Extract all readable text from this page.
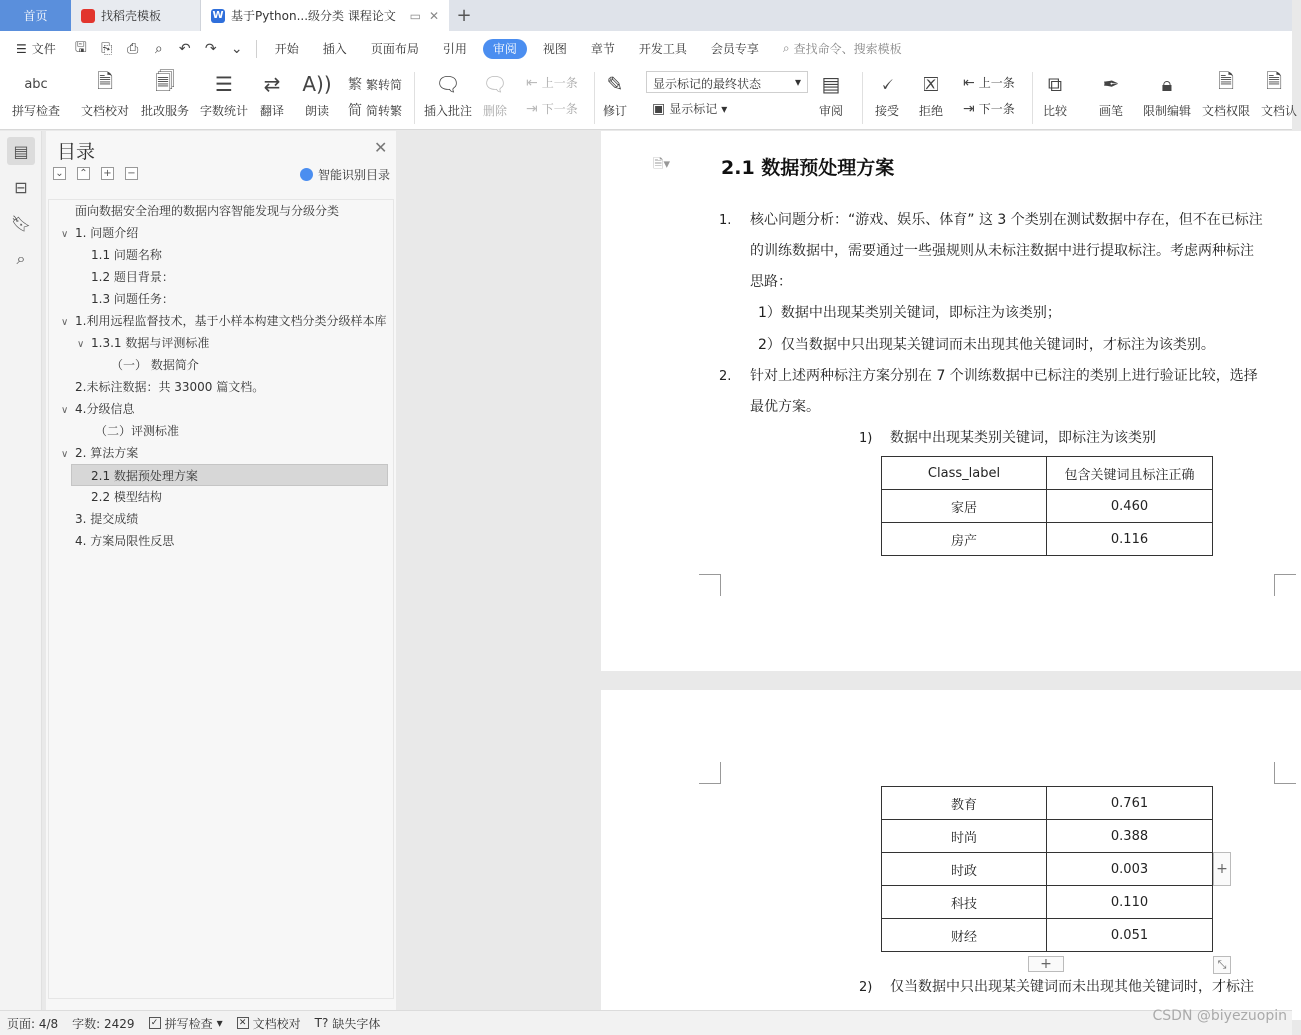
首页	找稻壳模板	W 基于Python...级分类 课程论文 ▭ ✕ +
☰ 文件	🖫	⎘	⎙	⌕	↶	↷	⌄	开始	插入	页面布局	引用	审阅	视图	章节	开发工具	会员专享	⌕ 查找命令、搜索模板
abc
拼写检查
🗎
文档校对
🗐
批改服务
☰
字数统计
⇄
翻译
A))
朗读
繁 繁转简
简 简转繁
🗨
插入批注
🗨
删除
⇤ 上一条
⇥ 下一条
✎
修订
显示标记的最终状态	▾
▣ 显示标记 ▾
▤
审阅
🗸
接受
🗵
拒绝
⇤ 上一条
⇥ 下一条
⧉
比较
✒
画笔
🔒︎
限制编辑
🗎
文档权限
🗎
文档认
▤
⊟
🔖︎
⌕
目录	✕
⌄ ⌃ + −	智能识别目录
面向数据安全治理的数据内容智能发现与分级分类
∨ 1. 问题介绍
1.1 问题名称
1.2 题目背景：
1.3 问题任务：
∨ 1.利用远程监督技术，基于小样本构建文档分类分级样本库
∨ 1.3.1 数据与评测标准
（一） 数据简介
2.未标注数据：共 33000 篇文档。
∨ 4.分级信息
（二）评测标准
∨ 2. 算法方案
2.1 数据预处理方案
2.2 模型结构
3. 提交成绩
4. 方案局限性反思
🗎▾	2.1 数据预处理方案
1. 核心问题分析：“游戏、娱乐、体育” 这 3 个类别在测试数据中存在，但不在已标注
的训练数据中，需要通过一些强规则从未标注数据中进行提取标注。考虑两种标注
思路：
1）数据中出现某类别关键词，即标注为该类别；
2）仅当数据中只出现某关键词而未出现其他关键词时，才标注为该类别。
2. 针对上述两种标注方案分别在 7 个训练数据中已标注的类别上进行验证比较，选择
最优方案。
1) 数据中出现某类别关键词，即标注为该类别
Class_label	包含关键词且标注正确
家居	0.460
房产	0.116
教育	0.761
时尚	0.388
时政	0.003
科技	0.110
财经	0.051
+
+	⤡
2) 仅当数据中只出现某关键词而未出现其他关键词时，才标注
页面: 4/8	字数: 2429	✓ 拼写检查 ▾ ✕ 文档校对 T? 缺失字体	CSDN @biyezuopin
